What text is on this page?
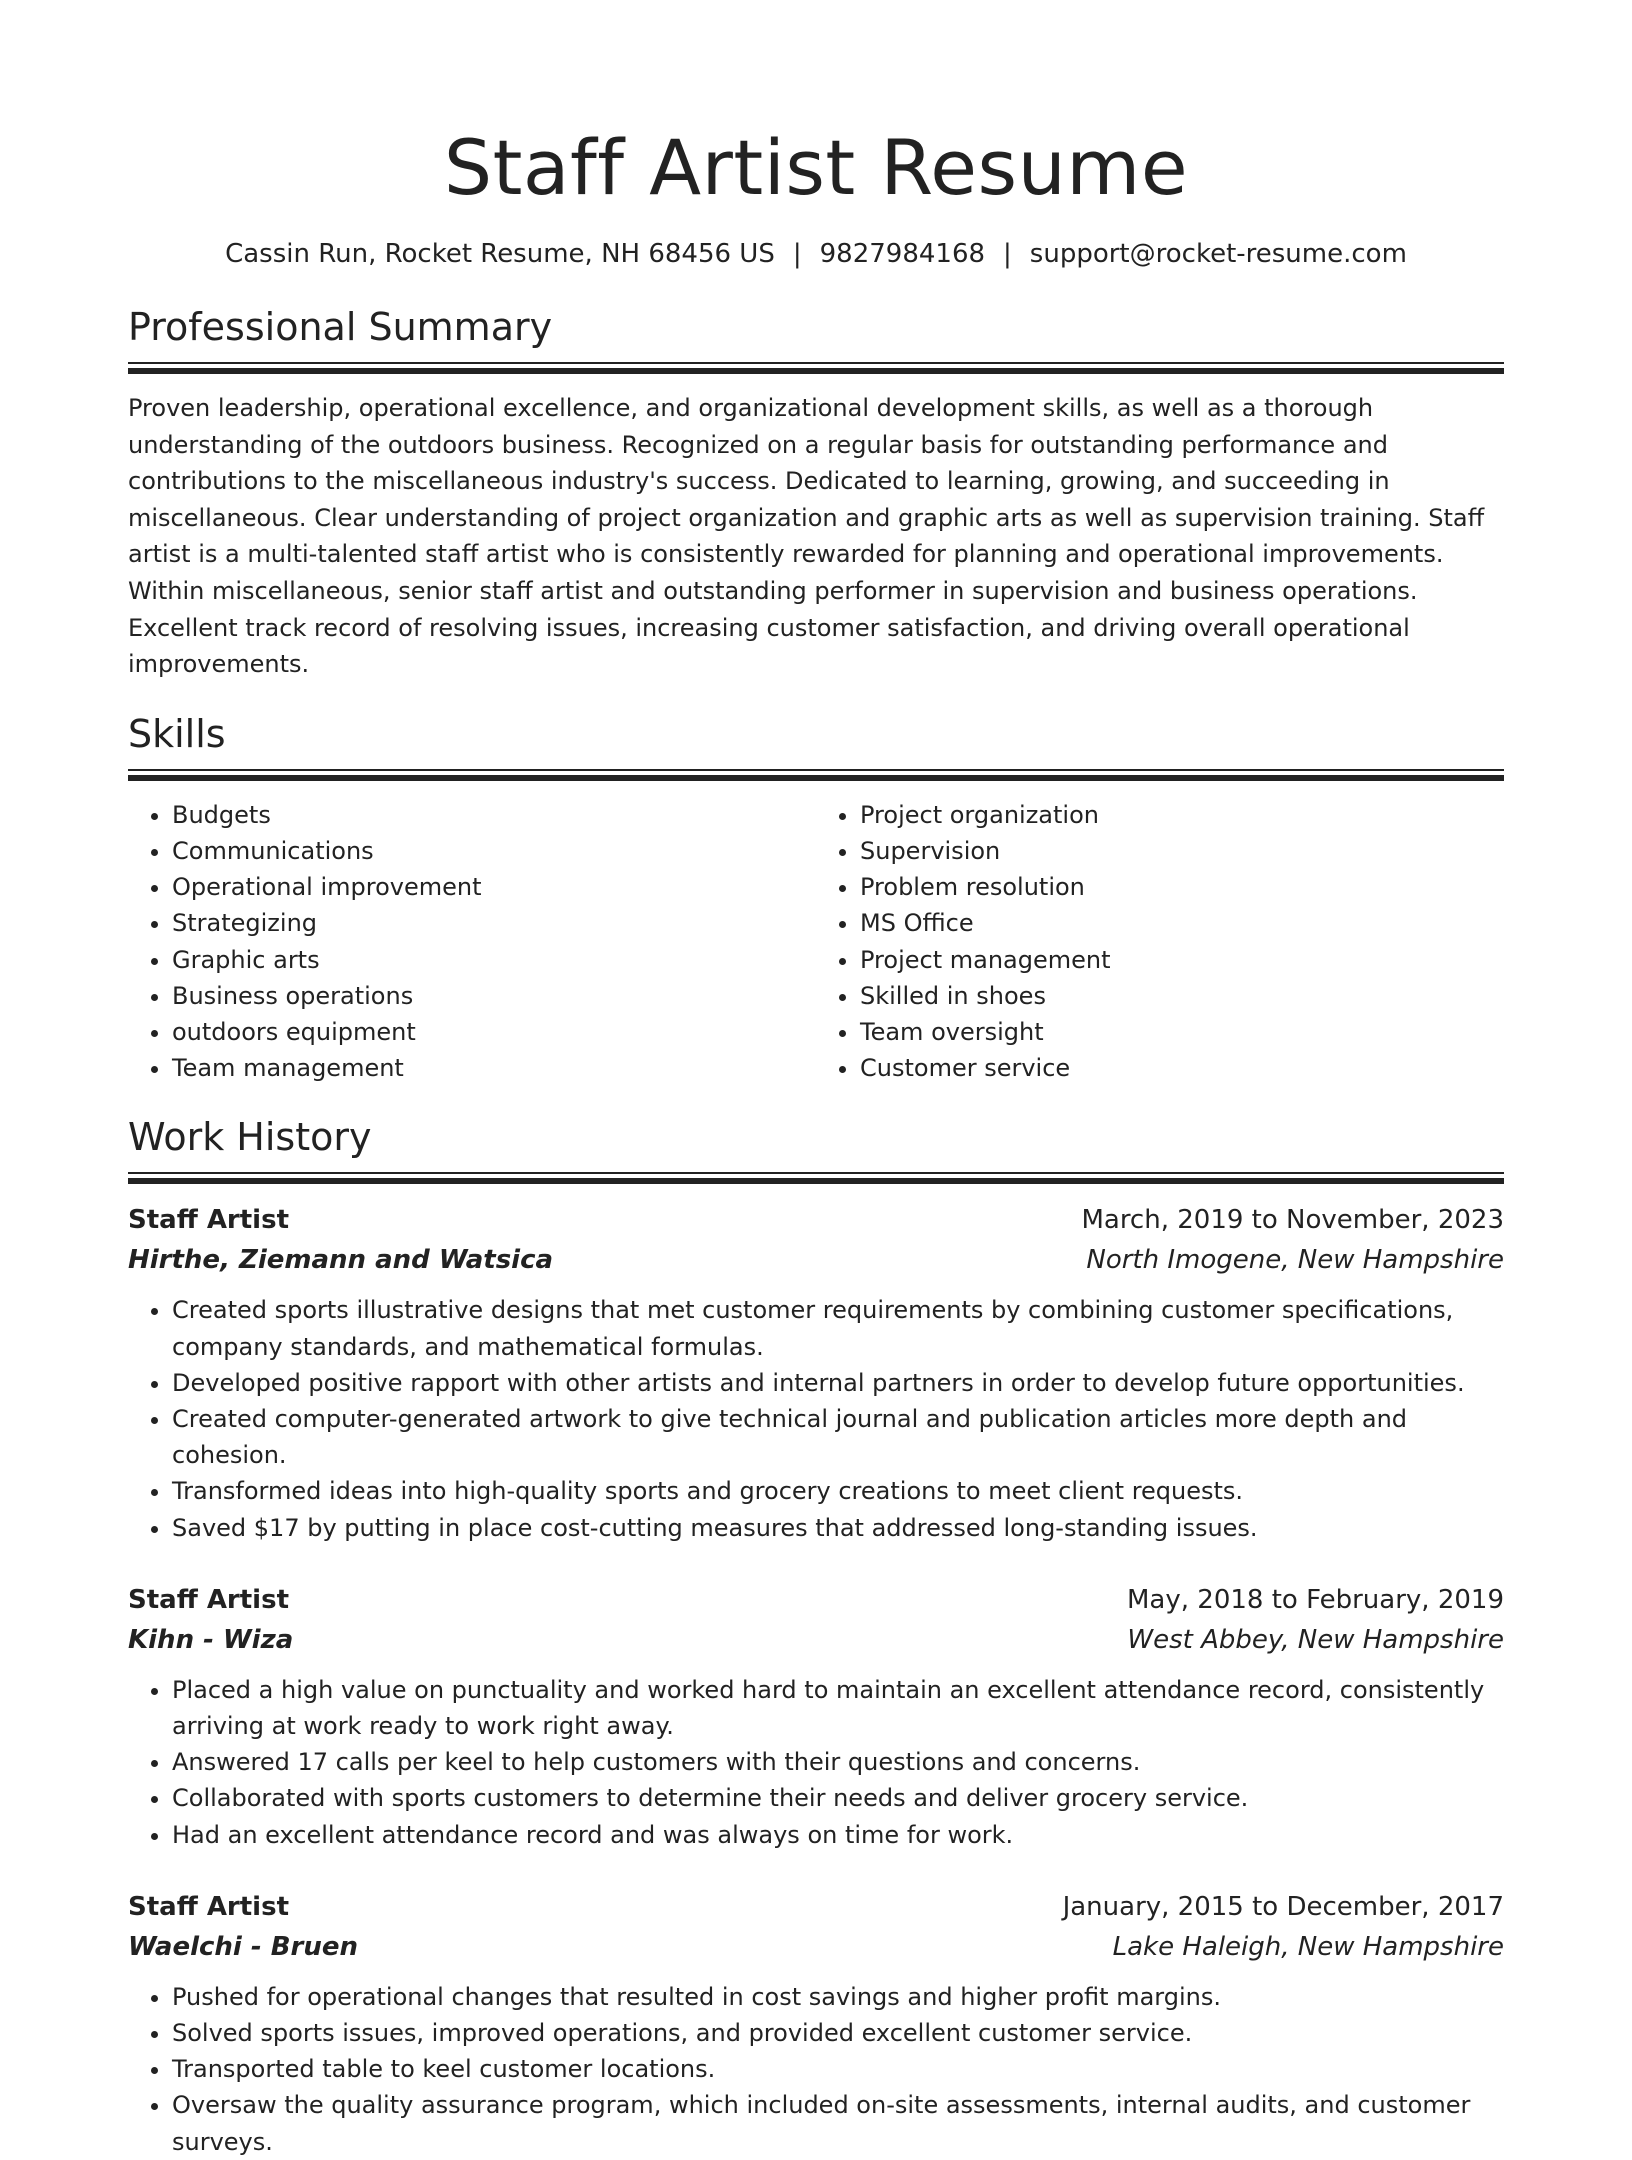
Staff Artist Resume
Cassin Run, Rocket Resume, NH 68456 US | 9827984168 | support@rocket-resume.com
Professional Summary

Proven leadership, operational excellence, and organizational development skills, as well as a thorough understanding of the outdoors business. Recognized on a regular basis for outstanding performance and contributions to the miscellaneous industry's success. Dedicated to learning, growing, and succeeding in miscellaneous. Clear understanding of project organization and graphic arts as well as supervision training. Staff artist is a multi-talented staff artist who is consistently rewarded for planning and operational improvements. Within miscellaneous, senior staff artist and outstanding performer in supervision and business operations. Excellent track record of resolving issues, increasing customer satisfaction, and driving overall operational improvements.

Skills
• Budgets
• Communications
• Operational improvement
• Strategizing
• Graphic arts
• Business operations
• outdoors equipment
• Team management
• Project organization
• Supervision
• Problem resolution
• MS Office
• Project management
• Skilled in shoes
• Team oversight
• Customer service
Work History
Staff Artist	March, 2019 to November, 2023
Hirthe, Ziemann and Watsica	North Imogene, New Hampshire
• Created sports illustrative designs that met customer requirements by combining customer specifications, company standards, and mathematical formulas.
• Developed positive rapport with other artists and internal partners in order to develop future opportunities.
• Created computer-generated artwork to give technical journal and publication articles more depth and cohesion.
• Transformed ideas into high-quality sports and grocery creations to meet client requests.
• Saved $17 by putting in place cost-cutting measures that addressed long-standing issues.
Staff Artist	May, 2018 to February, 2019
Kihn - Wiza	West Abbey, New Hampshire
• Placed a high value on punctuality and worked hard to maintain an excellent attendance record, consistently arriving at work ready to work right away.
• Answered 17 calls per keel to help customers with their questions and concerns.
• Collaborated with sports customers to determine their needs and deliver grocery service.
• Had an excellent attendance record and was always on time for work.
Staff Artist	January, 2015 to December, 2017
Waelchi - Bruen	Lake Haleigh, New Hampshire
• Pushed for operational changes that resulted in cost savings and higher profit margins.
• Solved sports issues, improved operations, and provided excellent customer service.
• Transported table to keel customer locations.
• Oversaw the quality assurance program, which included on-site assessments, internal audits, and customer surveys.
